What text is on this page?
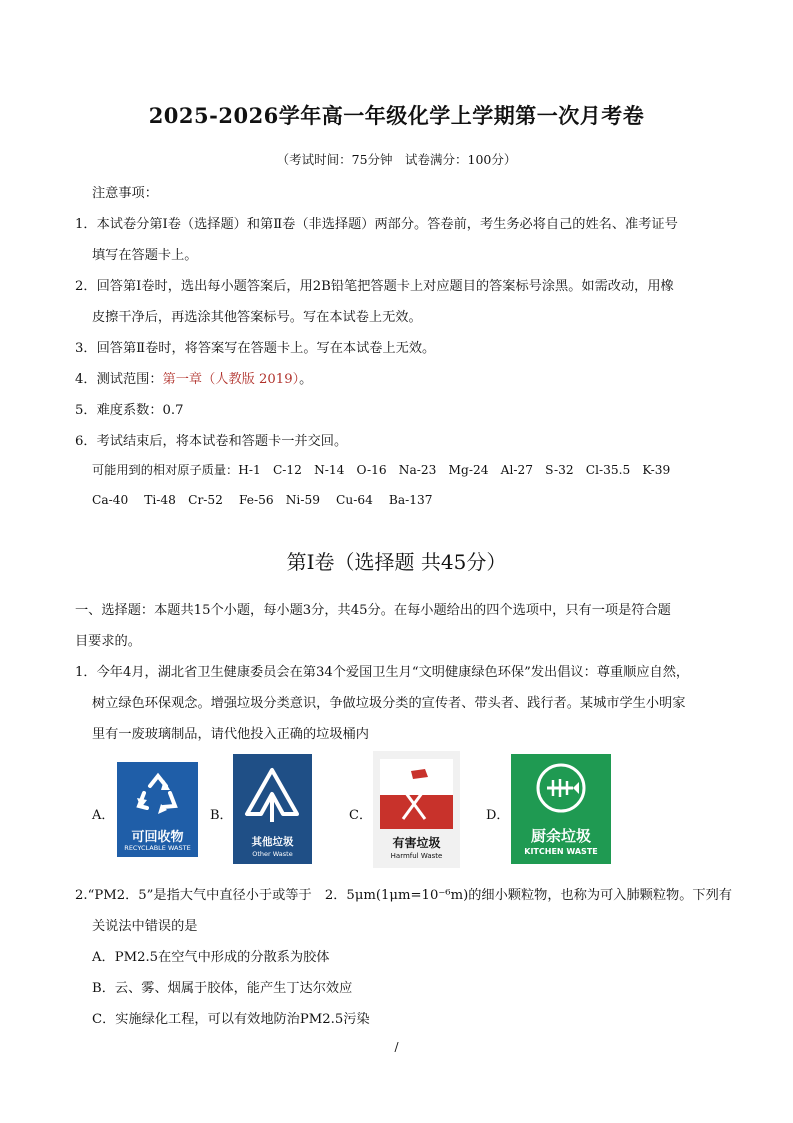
2025-2026学年高一年级化学上学期第一次月考卷
（考试时间：75分钟　试卷满分：100分）
注意事项：
1．本试卷分第Ⅰ卷（选择题）和第Ⅱ卷（非选择题）两部分。答卷前，考生务必将自己的姓名、准考证号
填写在答题卡上。
2．回答第Ⅰ卷时，选出每小题答案后，用2B铅笔把答题卡上对应题目的答案标号涂黑。如需改动，用橡
皮擦干净后，再选涂其他答案标号。写在本试卷上无效。
3．回答第Ⅱ卷时，将答案写在答题卡上。写在本试卷上无效。
4．测试范围：第一章（人教版 2019）。
5．难度系数：0.7
6．考试结束后，将本试卷和答题卡一并交回。
可能用到的相对原子质量：H-1　C-12　N-14　O-16　Na-23　Mg-24　Al-27　S-32　Cl-35.5　K-39
Ca-40　 Ti-48　Cr-52　 Fe-56　Ni-59　 Cu-64　 Ba-137
第Ⅰ卷（选择题 共45分）
一、选择题：本题共15个小题，每小题3分，共45分。在每小题给出的四个选项中，只有一项是符合题
目要求的。
1．今年4月，湖北省卫生健康委员会在第34个爱国卫生月“文明健康绿色环保”发出倡议：尊重顺应自然，
树立绿色环保观念。增强垃圾分类意识，争做垃圾分类的宣传者、带头者、践行者。某城市学生小明家
里有一废玻璃制品，请代他投入正确的垃圾桶内
A．
可回收物
RECYCLABLE WASTE
B．
其他垃圾
Other Waste
C．
有害垃圾
Harmful Waste
D．
厨余垃圾
KITCHEN WASTE
2.“PM2．5”是指大气中直径小于或等于　2．5μm(1μm=10⁻⁶m)的细小颗粒物，也称为可入肺颗粒物。下列有
关说法中错误的是
A．PM2.5在空气中形成的分散系为胶体
B．云、雾、烟属于胶体，能产生丁达尔效应
C．实施绿化工程，可以有效地防治PM2.5污染
/
